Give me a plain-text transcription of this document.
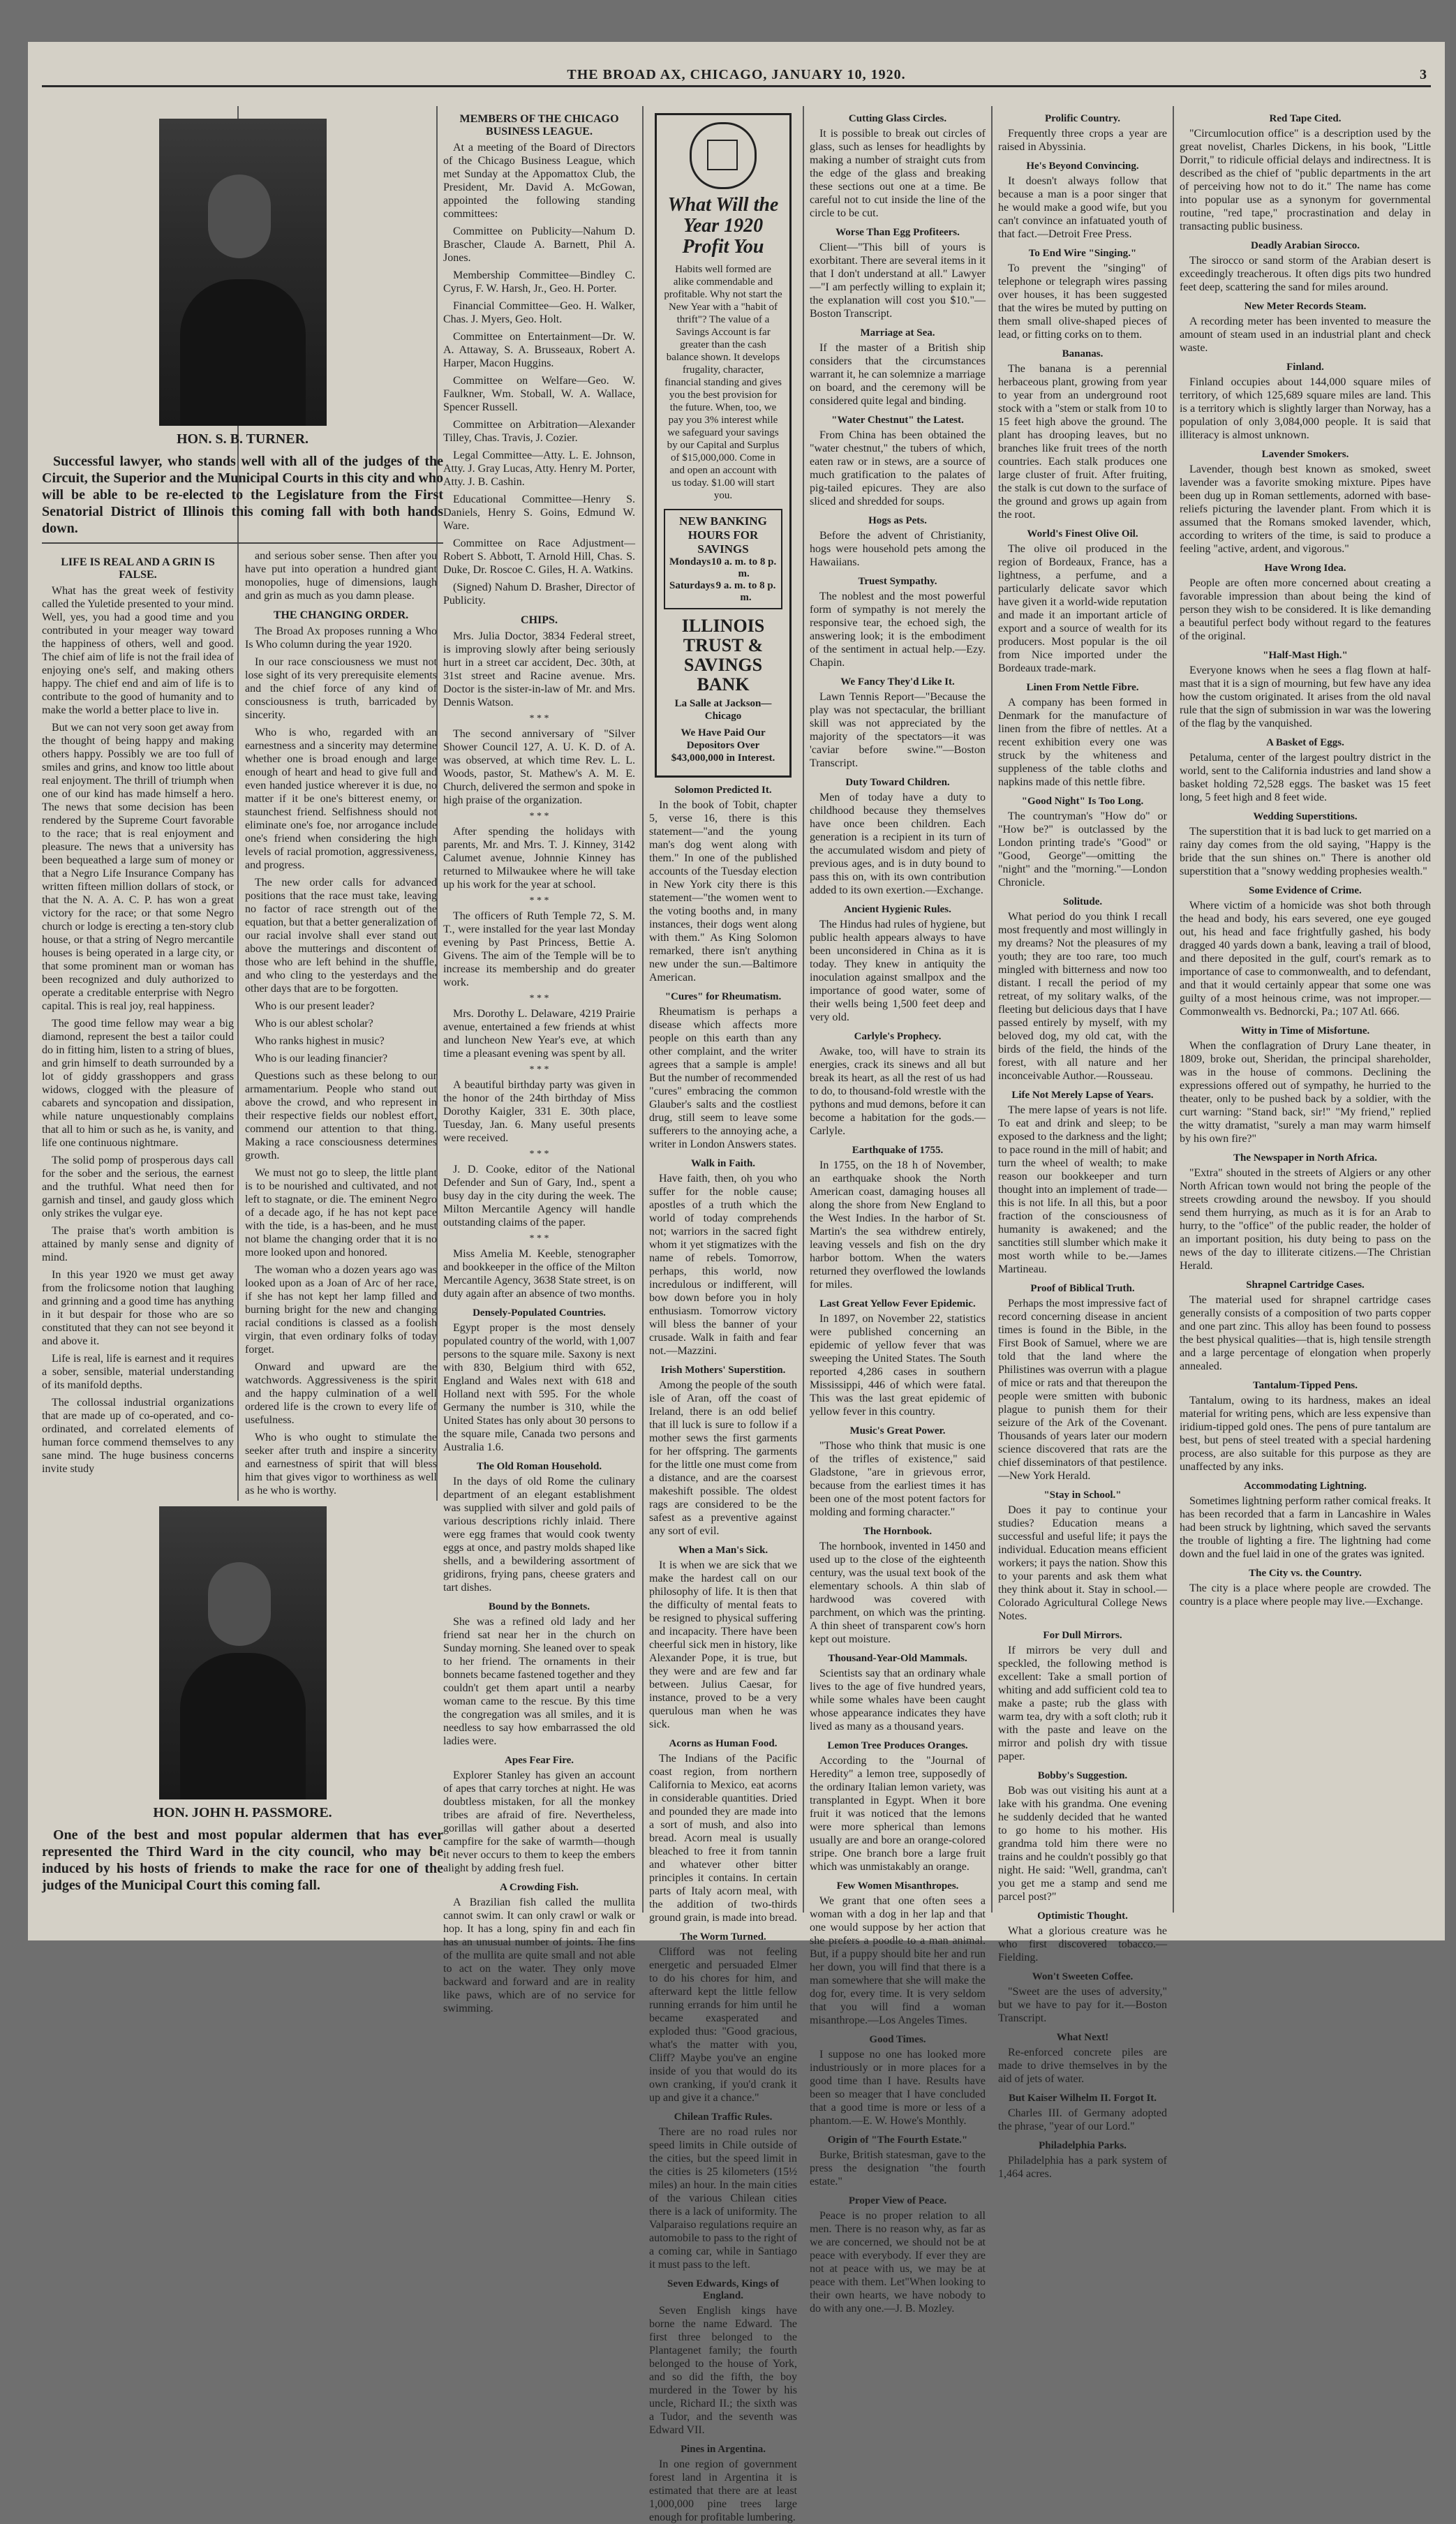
THE BROAD AX, CHICAGO, JANUARY 10, 1920.	3
HON. S. B. TURNER.

Successful lawyer, who stands well with all of the judges of the Circuit, the Superior and the Municipal Courts in this city and who will be able to be re-elected to the Legislature from the First Senatorial District of Illinois this coming fall with both hands down.

LIFE IS REAL AND A GRIN IS FALSE.

What has the great week of festivity called the Yuletide presented to your mind. Well, yes, you had a good time and you contributed in your meager way toward the happiness of others, well and good. The chief aim of life is not the frail idea of enjoying one's self, and making others happy. The chief end and aim of life is to contribute to the good of humanity and to make the world a better place to live in.

But we can not very soon get away from the thought of being happy and making others happy. Possibly we are too full of smiles and grins, and know too little about real enjoyment. The thrill of triumph when one of our kind has made himself a hero. The news that some decision has been rendered by the Supreme Court favorable to the race; that is real enjoyment and pleasure. The news that a university has been bequeathed a large sum of money or that a Negro Life Insurance Company has written fifteen million dollars of stock, or that the N. A. A. C. P. has won a great victory for the race; or that some Negro church or lodge is erecting a ten-story club house, or that a string of Negro mercantile houses is being operated in a large city, or that some prominent man or woman has been recognized and duly authorized to operate a creditable enterprise with Negro capital. This is real joy, real happiness.

The good time fellow may wear a big diamond, represent the best a tailor could do in fitting him, listen to a string of blues, and grin himself to death surrounded by a lot of giddy grasshoppers and grass widows, clogged with the pleasure of cabarets and syncopation and dissipation, while nature unquestionably complains that all to him or such as he, is vanity, and life one continuous nightmare.

The solid pomp of prosperous days call for the sober and the serious, the earnest and the truthful. What need then for garnish and tinsel, and gaudy gloss which only strikes the vulgar eye.

The praise that's worth ambition is attained by manly sense and dignity of mind.

In this year 1920 we must get away from the frolicsome notion that laughing and grinning and a good time has anything in it but despair for those who are so constituted that they can not see beyond it and above it.

Life is real, life is earnest and it requires a sober, sensible, material understanding of its manifold depths.

The collossal industrial organizations that are made up of co-operated, and co-ordinated, and correlated elements of human force commend themselves to any sane mind. The huge business concerns invite study

and serious sober sense. Then after you have put into operation a hundred giant monopolies, huge of dimensions, laugh and grin as much as you damn please.

THE CHANGING ORDER.

The Broad Ax proposes running a Who Is Who column during the year 1920.

In our race consciousness we must not lose sight of its very prerequisite elements and the chief force of any kind of consciousness is truth, barricaded by sincerity.

Who is who, regarded with an earnestness and a sincerity may determine whether one is broad enough and large enough of heart and head to give full and even handed justice wherever it is due, no matter if it be one's bitterest enemy, or staunchest friend. Selfishness should not eliminate one's foe, nor arrogance include one's friend when considering the high levels of racial promotion, aggressiveness, and progress.

The new order calls for advanced positions that the race must take, leaving no factor of race strength out of the equation, but that a better generalization of our racial involve shall ever stand out above the mutterings and discontent of those who are left behind in the shuffle, and who cling to the yesterdays and the other days that are to be forgotten.

Who is our present leader?

Who is our ablest scholar?

Who ranks highest in music?

Who is our leading financier?

Questions such as these belong to our armamentarium. People who stand out above the crowd, and who represent in their respective fields our noblest effort, commend our attention to that thing. Making a race consciousness determines growth.

We must not go to sleep, the little plant is to be nourished and cultivated, and not left to stagnate, or die. The eminent Negro of a decade ago, if he has not kept pace with the tide, is a has-been, and he must not blame the changing order that it is no more looked upon and honored.

The woman who a dozen years ago was looked upon as a Joan of Arc of her race, if she has not kept her lamp filled and burning bright for the new and changing racial conditions is classed as a foolish virgin, that even ordinary folks of today forget.

Onward and upward are the watchwords. Aggressiveness is the spirit and the happy culmination of a well ordered life is the crown to every life of usefulness.

Who is who ought to stimulate the seeker after truth and inspire a sincerity and earnestness of spirit that will bless him that gives vigor to worthiness as well as he who is worthy.

HON. JOHN H. PASSMORE.

One of the best and most popular aldermen that has ever represented the Third Ward in the city council, who may be induced by his hosts of friends to make the race for one of the judges of the Municipal Court this coming fall.

MEMBERS OF THE CHICAGO BUSINESS LEAGUE.

At a meeting of the Board of Directors of the Chicago Business League, which met Sunday at the Appomattox Club, the President, Mr. David A. McGowan, appointed the following standing committees:

Committee on Publicity—Nahum D. Brascher, Claude A. Barnett, Phil A. Jones.

Membership Committee—Bindley C. Cyrus, F. W. Harsh, Jr., Geo. H. Porter.

Financial Committee—Geo. H. Walker, Chas. J. Myers, Geo. Holt.

Committee on Entertainment—Dr. W. A. Attaway, S. A. Brusseaux, Robert A. Harper, Macon Huggins.

Committee on Welfare—Geo. W. Faulkner, Wm. Stoball, W. A. Wallace, Spencer Russell.

Committee on Arbitration—Alexander Tilley, Chas. Travis, J. Cozier.

Legal Committee—Atty. L. E. Johnson, Atty. J. Gray Lucas, Atty. Henry M. Porter, Atty. J. B. Cashin.

Educational Committee—Henry S. Daniels, Henry S. Goins, Edmund W. Ware.

Committee on Race Adjustment—Robert S. Abbott, T. Arnold Hill, Chas. S. Duke, Dr. Roscoe C. Giles, H. A. Watkins.

(Signed) Nahum D. Brasher, Director of Publicity.

CHIPS.

Mrs. Julia Doctor, 3834 Federal street, is improving slowly after being seriously hurt in a street car accident, Dec. 30th, at 31st street and Racine avenue. Mrs. Doctor is the sister-in-law of Mr. and Mrs. Dennis Watson.

* * *

The second anniversary of "Silver Shower Council 127, A. U. K. D. of A. was observed, at which time Rev. L. L. Woods, pastor, St. Mathew's A. M. E. Church, delivered the sermon and spoke in high praise of the organization.

* * *

After spending the holidays with parents, Mr. and Mrs. T. J. Kinney, 3142 Calumet avenue, Johnnie Kinney has returned to Milwaukee where he will take up his work for the year at school.

* * *

The officers of Ruth Temple 72, S. M. T., were installed for the year last Monday evening by Past Princess, Bettie A. Givens. The aim of the Temple will be to increase its membership and do greater work.

* * *

Mrs. Dorothy L. Delaware, 4219 Prairie avenue, entertained a few friends at whist and luncheon New Year's eve, at which time a pleasant evening was spent by all.

* * *

A beautiful birthday party was given in the honor of the 24th birthday of Miss Dorothy Kaigler, 331 E. 30th place, Tuesday, Jan. 6. Many useful presents were received.

* * *

J. D. Cooke, editor of the National Defender and Sun of Gary, Ind., spent a busy day in the city during the week. The Milton Mercantile Agency will handle outstanding claims of the paper.

* * *

Miss Amelia M. Keeble, stenographer and bookkeeper in the office of the Milton Mercantile Agency, 3638 State street, is on duty again after an absence of two months.

Densely-Populated Countries.

Egypt proper is the most densely populated country of the world, with 1,007 persons to the square mile. Saxony is next with 830, Belgium third with 652, England and Wales next with 618 and Holland next with 595. For the whole Germany the number is 310, while the United States has only about 30 persons to the square mile, Canada two persons and Australia 1.6.

The Old Roman Household.

In the days of old Rome the culinary department of an elegant establishment was supplied with silver and gold pails of various descriptions richly inlaid. There were egg frames that would cook twenty eggs at once, and pastry molds shaped like shells, and a bewildering assortment of gridirons, frying pans, cheese graters and tart dishes.

Bound by the Bonnets.

She was a refined old lady and her friend sat near her in the church on Sunday morning. She leaned over to speak to her friend. The ornaments in their bonnets became fastened together and they couldn't get them apart until a nearby woman came to the rescue. By this time the congregation was all smiles, and it is needless to say how embarrassed the old ladies were.

Apes Fear Fire.

Explorer Stanley has given an account of apes that carry torches at night. He was doubtless mistaken, for all the monkey tribes are afraid of fire. Nevertheless, gorillas will gather about a deserted campfire for the sake of warmth—though it never occurs to them to keep the embers alight by adding fresh fuel.

A Crowding Fish.

A Brazilian fish called the mullita cannot swim. It can only crawl or walk or hop. It has a long, spiny fin and each fin has an unusual number of joints. The fins of the mullita are quite small and not able to act on the water. They only move backward and forward and are in reality like paws, which are of no service for swimming.

What Will the Year 1920 Profit You

Habits well formed are alike commendable and profitable. Why not start the New Year with a "habit of thrift"? The value of a Savings Account is far greater than the cash balance shown. It develops frugality, character, financial standing and gives you the best provision for the future. When, too, we pay you 3% interest while we safeguard your savings by our Capital and Surplus of $15,000,000. Come in and open an account with us today. $1.00 will start you.

NEW BANKING HOURS FOR SAVINGS
Mondays 10 a. m. to 8 p. m.
Saturdays 9 a. m. to 8 p. m.
ILLINOIS TRUST & SAVINGS BANK

La Salle at Jackson—Chicago

We Have Paid Our Depositors Over $43,000,000 in Interest.

Solomon Predicted It.

In the book of Tobit, chapter 5, verse 16, there is this statement—"and the young man's dog went along with them." In one of the published accounts of the Tuesday election in New York city there is this statement—"the women went to the voting booths and, in many instances, their dogs went along with them." As King Solomon remarked, there isn't anything new under the sun.—Baltimore American.

"Cures" for Rheumatism.

Rheumatism is perhaps a disease which affects more people on this earth than any other complaint, and the writer agrees that a sample is ample! But the number of recommended "cures" embracing the common Glauber's salts and the costliest drug, still seem to leave some sufferers to the annoying ache, a writer in London Answers states.

Walk in Faith.

Have faith, then, oh you who suffer for the noble cause; apostles of a truth which the world of today comprehends not; warriors in the sacred fight whom it yet stigmatizes with the name of rebels. Tomorrow, perhaps, this world, now incredulous or indifferent, will bow down before you in holy enthusiasm. Tomorrow victory will bless the banner of your crusade. Walk in faith and fear not.—Mazzini.

Irish Mothers' Superstition.

Among the people of the south isle of Aran, off the coast of Ireland, there is an odd belief that ill luck is sure to follow if a mother sews the first garments for her offspring. The garments for the little one must come from a distance, and are the coarsest makeshift possible. The oldest rags are considered to be the safest as a preventive against any sort of evil.

When a Man's Sick.

It is when we are sick that we make the hardest call on our philosophy of life. It is then that the difficulty of mental feats to be resigned to physical suffering and incapacity. There have been cheerful sick men in history, like Alexander Pope, it is true, but they were and are few and far between. Julius Caesar, for instance, proved to be a very querulous man when he was sick.

Acorns as Human Food.

The Indians of the Pacific coast region, from northern California to Mexico, eat acorns in considerable quantities. Dried and pounded they are made into a sort of mush, and also into bread. Acorn meal is usually bleached to free it from tannin and whatever other bitter principles it contains. In certain parts of Italy acorn meal, with the addition of two-thirds ground grain, is made into bread.

The Worm Turned.

Clifford was not feeling energetic and persuaded Elmer to do his chores for him, and afterward kept the little fellow running errands for him until he became exasperated and exploded thus: "Good gracious, what's the matter with you, Cliff? Maybe you've an engine inside of you that would do its own cranking, if you'd crank it up and give it a chance."

Chilean Traffic Rules.

There are no road rules nor speed limits in Chile outside of the cities, but the speed limit in the cities is 25 kilometers (15½ miles) an hour. In the main cities of the various Chilean cities there is a lack of uniformity. The Valparaiso regulations require an automobile to pass to the right of a coming car, while in Santiago it must pass to the left.

Seven Edwards, Kings of England.

Seven English kings have borne the name Edward. The first three belonged to the Plantagenet family; the fourth belonged to the house of York, and so did the fifth, the boy murdered in the Tower by his uncle, Richard II.; the sixth was a Tudor, and the seventh was Edward VII.

Pines in Argentina.

In one region of government forest land in Argentina it is estimated that there are at least 1,000,000 pine trees large enough for profitable lumbering.

Cutting Glass Circles.

It is possible to break out circles of glass, such as lenses for headlights by making a number of straight cuts from the edge of the glass and breaking these sections out one at a time. Be careful not to cut inside the line of the circle to be cut.

Worse Than Egg Profiteers.

Client—"This bill of yours is exorbitant. There are several items in it that I don't understand at all." Lawyer—"I am perfectly willing to explain it; the explanation will cost you $10."—Boston Transcript.

Marriage at Sea.

If the master of a British ship considers that the circumstances warrant it, he can solemnize a marriage on board, and the ceremony will be considered quite legal and binding.

"Water Chestnut" the Latest.

From China has been obtained the "water chestnut," the tubers of which, eaten raw or in stews, are a source of much gratification to the palates of pig-tailed epicures. They are also sliced and shredded for soups.

Hogs as Pets.

Before the advent of Christianity, hogs were household pets among the Hawaiians.

Truest Sympathy.

The noblest and the most powerful form of sympathy is not merely the responsive tear, the echoed sigh, the answering look; it is the embodiment of the sentiment in actual help.—Ezy. Chapin.

We Fancy They'd Like It.

Lawn Tennis Report—"Because the play was not spectacular, the brilliant skill was not appreciated by the majority of the spectators—it was 'caviar before swine.'"—Boston Transcript.

Duty Toward Children.

Men of today have a duty to childhood because they themselves have once been children. Each generation is a recipient in its turn of the accumulated wisdom and piety of previous ages, and is in duty bound to pass this on, with its own contribution added to its own exertion.—Exchange.

Ancient Hygienic Rules.

The Hindus had rules of hygiene, but public health appears always to have been unconsidered in China as it is today. They knew in antiquity the inoculation against smallpox and the importance of good water, some of their wells being 1,500 feet deep and very old.

Carlyle's Prophecy.

Awake, too, will have to strain its energies, crack its sinews and all but break its heart, as all the rest of us had to do, to thousand-fold wrestle with the pythons and mud demons, before it can become a habitation for the gods.—Carlyle.

Earthquake of 1755.

In 1755, on the 18 h of November, an earthquake shook the North American coast, damaging houses all along the shore from New England to the West Indies. In the harbor of St. Martin's the sea withdrew entirely, leaving vessels and fish on the dry harbor bottom. When the waters returned they overflowed the lowlands for miles.

Last Great Yellow Fever Epidemic.

In 1897, on November 22, statistics were published concerning an epidemic of yellow fever that was sweeping the United States. The South reported 4,286 cases in southern Mississippi, 446 of which were fatal. This was the last great epidemic of yellow fever in this country.

Music's Great Power.

"Those who think that music is one of the trifles of existence," said Gladstone, "are in grievous error, because from the earliest times it has been one of the most potent factors for molding and forming character."

The Hornbook.

The hornbook, invented in 1450 and used up to the close of the eighteenth century, was the usual text book of the elementary schools. A thin slab of hardwood was covered with parchment, on which was the printing. A thin sheet of transparent cow's horn kept out moisture.

Thousand-Year-Old Mammals.

Scientists say that an ordinary whale lives to the age of five hundred years, while some whales have been caught whose appearance indicates they have lived as many as a thousand years.

Lemon Tree Produces Oranges.

According to the "Journal of Heredity" a lemon tree, supposedly of the ordinary Italian lemon variety, was transplanted in Egypt. When it bore fruit it was noticed that the lemons were more spherical than lemons usually are and bore an orange-colored stripe. One branch bore a large fruit which was unmistakably an orange.

Few Women Misanthropes.

We grant that one often sees a woman with a dog in her lap and that one would suppose by her action that she prefers a poodle to a man animal. But, if a puppy should bite her and run her down, you will find that there is a man somewhere that she will make the dog for, every time. It is very seldom that you will find a woman misanthrope.—Los Angeles Times.

Good Times.

I suppose no one has looked more industriously or in more places for a good time than I have. Results have been so meager that I have concluded that a good time is more or less of a phantom.—E. W. Howe's Monthly.

Origin of "The Fourth Estate."

Burke, British statesman, gave to the press the designation "the fourth estate."

Proper View of Peace.

Peace is no proper relation to all men. There is no reason why, as far as we are concerned, we should not be at peace with everybody. If ever they are not at peace with us, we may be at peace with them. Let"When looking to their own hearts, we have nobody to do with any one.—J. B. Mozley.

Prolific Country.

Frequently three crops a year are raised in Abyssinia.

He's Beyond Convincing.

It doesn't always follow that because a man is a poor singer that he would make a good wife, but you can't convince an infatuated youth of that fact.—Detroit Free Press.

To End Wire "Singing."

To prevent the "singing" of telephone or telegraph wires passing over houses, it has been suggested that the wires be muted by putting on them small olive-shaped pieces of lead, or fitting corks on to them.

Bananas.

The banana is a perennial herbaceous plant, growing from year to year from an underground root stock with a "stem or stalk from 10 to 15 feet high above the ground. The plant has drooping leaves, but no branches like fruit trees of the north countries. Each stalk produces one large cluster of fruit. After fruiting, the stalk is cut down to the surface of the ground and grows up again from the root.

World's Finest Olive Oil.

The olive oil produced in the region of Bordeaux, France, has a lightness, a perfume, and a particularly delicate savor which have given it a world-wide reputation and made it an important article of export and a source of wealth for its producers. Most popular is the oil from Nice imported under the Bordeaux trade-mark.

Linen From Nettle Fibre.

A company has been formed in Denmark for the manufacture of linen from the fibre of nettles. At a recent exhibition every one was struck by the whiteness and suppleness of the table cloths and napkins made of this nettle fibre.

"Good Night" Is Too Long.

The countryman's "How do" or "How be?" is outclassed by the London printing trade's "Good" or "Good, George"—omitting the "night" and the "morning."—London Chronicle.

Solitude.

What period do you think I recall most frequently and most willingly in my dreams? Not the pleasures of my youth; they are too rare, too much mingled with bitterness and now too distant. I recall the period of my retreat, of my solitary walks, of the fleeting but delicious days that I have passed entirely by myself, with my beloved dog, my old cat, with the birds of the field, the hinds of the forest, with all nature and her inconceivable Author.—Rousseau.

Life Not Merely Lapse of Years.

The mere lapse of years is not life. To eat and drink and sleep; to be exposed to the darkness and the light; to pace round in the mill of habit; and turn the wheel of wealth; to make reason our bookkeeper and turn thought into an implement of trade—this is not life. In all this, but a poor fraction of the consciousness of humanity is awakened; and the sanctities still slumber which make it most worth while to be.—James Martineau.

Proof of Biblical Truth.

Perhaps the most impressive fact of record concerning disease in ancient times is found in the Bible, in the First Book of Samuel, where we are told that the land where the Philistines was overrun with a plague of mice or rats and that thereupon the people were smitten with bubonic plague to punish them for their seizure of the Ark of the Covenant. Thousands of years later our modern science discovered that rats are the chief disseminators of that pestilence.—New York Herald.

"Stay in School."

Does it pay to continue your studies? Education means a successful and useful life; it pays the individual. Education means efficient workers; it pays the nation. Show this to your parents and ask them what they think about it. Stay in school.—Colorado Agricultural College News Notes.

For Dull Mirrors.

If mirrors be very dull and speckled, the following method is excellent: Take a small portion of whiting and add sufficient cold tea to make a paste; rub the glass with warm tea, dry with a soft cloth; rub it with the paste and leave on the mirror and polish dry with tissue paper.

Bobby's Suggestion.

Bob was out visiting his aunt at a lake with his grandma. One evening he suddenly decided that he wanted to go home to his mother. His grandma told him there were no trains and he couldn't possibly go that night. He said: "Well, grandma, can't you get me a stamp and send me parcel post?"

Optimistic Thought.

What a glorious creature was he who first discovered tobacco.—Fielding.

Won't Sweeten Coffee.

"Sweet are the uses of adversity," but we have to pay for it.—Boston Transcript.

What Next!

Re-enforced concrete piles are made to drive themselves in by the aid of jets of water.

But Kaiser Wilhelm II. Forgot It.

Charles III. of Germany adopted the phrase, "year of our Lord."

Philadelphia Parks.

Philadelphia has a park system of 1,464 acres.

Red Tape Cited.

"Circumlocution office" is a description used by the great novelist, Charles Dickens, in his book, "Little Dorrit," to ridicule official delays and indirectness. It is described as the chief of "public departments in the art of perceiving how not to do it." The name has come into popular use as a synonym for governmental routine, "red tape," procrastination and delay in transacting public business.

Deadly Arabian Sirocco.

The sirocco or sand storm of the Arabian desert is exceedingly treacherous. It often digs pits two hundred feet deep, scattering the sand for miles around.

New Meter Records Steam.

A recording meter has been invented to measure the amount of steam used in an industrial plant and check waste.

Finland.

Finland occupies about 144,000 square miles of territory, of which 125,689 square miles are land. This is a territory which is slightly larger than Norway, has a population of only 3,084,000 people. It is said that illiteracy is almost unknown.

Lavender Smokers.

Lavender, though best known as smoked, sweet lavender was a favorite smoking mixture. Pipes have been dug up in Roman settlements, adorned with base-reliefs picturing the lavender plant. From which it is assumed that the Romans smoked lavender, which, according to writers of the time, is said to produce a feeling "active, ardent, and vigorous."

Have Wrong Idea.

People are often more concerned about creating a favorable impression than about being the kind of person they wish to be considered. It is like demanding a beautiful perfect body without regard to the features of the original.

"Half-Mast High."

Everyone knows when he sees a flag flown at half-mast that it is a sign of mourning, but few have any idea how the custom originated. It arises from the old naval rule that the sign of submission in war was the lowering of the flag by the vanquished.

A Basket of Eggs.

Petaluma, center of the largest poultry district in the world, sent to the California industries and land show a basket holding 72,528 eggs. The basket was 15 feet long, 5 feet high and 8 feet wide.

Wedding Superstitions.

The superstition that it is bad luck to get married on a rainy day comes from the old saying, "Happy is the bride that the sun shines on." There is another old superstition that a "snowy wedding prophesies wealth."

Some Evidence of Crime.

Where victim of a homicide was shot both through the head and body, his ears severed, one eye gouged out, his head and face frightfully gashed, his body dragged 40 yards down a bank, leaving a trail of blood, and there deposited in the gulf, court's remark as to importance of case to commonwealth, and to defendant, and that it would certainly appear that some one was guilty of a most heinous crime, was not improper.—Commonwealth vs. Bednorcki, Pa.; 107 Atl. 666.

Witty in Time of Misfortune.

When the conflagration of Drury Lane theater, in 1809, broke out, Sheridan, the principal shareholder, was in the house of commons. Declining the expressions offered out of sympathy, he hurried to the theater, only to be pushed back by a soldier, with the curt warning: "Stand back, sir!" "My friend," replied the witty dramatist, "surely a man may warm himself by his own fire?"

The Newspaper in North Africa.

"Extra" shouted in the streets of Algiers or any other North African town would not bring the people of the streets crowding around the newsboy. If you should send them hurrying, as much as it is for an Arab to hurry, to the "office" of the public reader, the holder of an important position, his duty being to pass on the news of the day to illiterate citizens.—The Christian Herald.

Shrapnel Cartridge Cases.

The material used for shrapnel cartridge cases generally consists of a composition of two parts copper and one part zinc. This alloy has been found to possess the best physical qualities—that is, high tensile strength and a large percentage of elongation when properly annealed.

Tantalum-Tipped Pens.

Tantalum, owing to its hardness, makes an ideal material for writing pens, which are less expensive than iridium-tipped gold ones. The pens of pure tantalum are best, but pens of steel treated with a special hardening process, are also suitable for this purpose as they are unaffected by any inks.

Accommodating Lightning.

Sometimes lightning perform rather comical freaks. It has been recorded that a farm in Lancashire in Wales had been struck by lightning, which saved the servants the trouble of lighting a fire. The lightning had come down and the fuel laid in one of the grates was ignited.

The City vs. the Country.

The city is a place where people are crowded. The country is a place where people may live.—Exchange.
